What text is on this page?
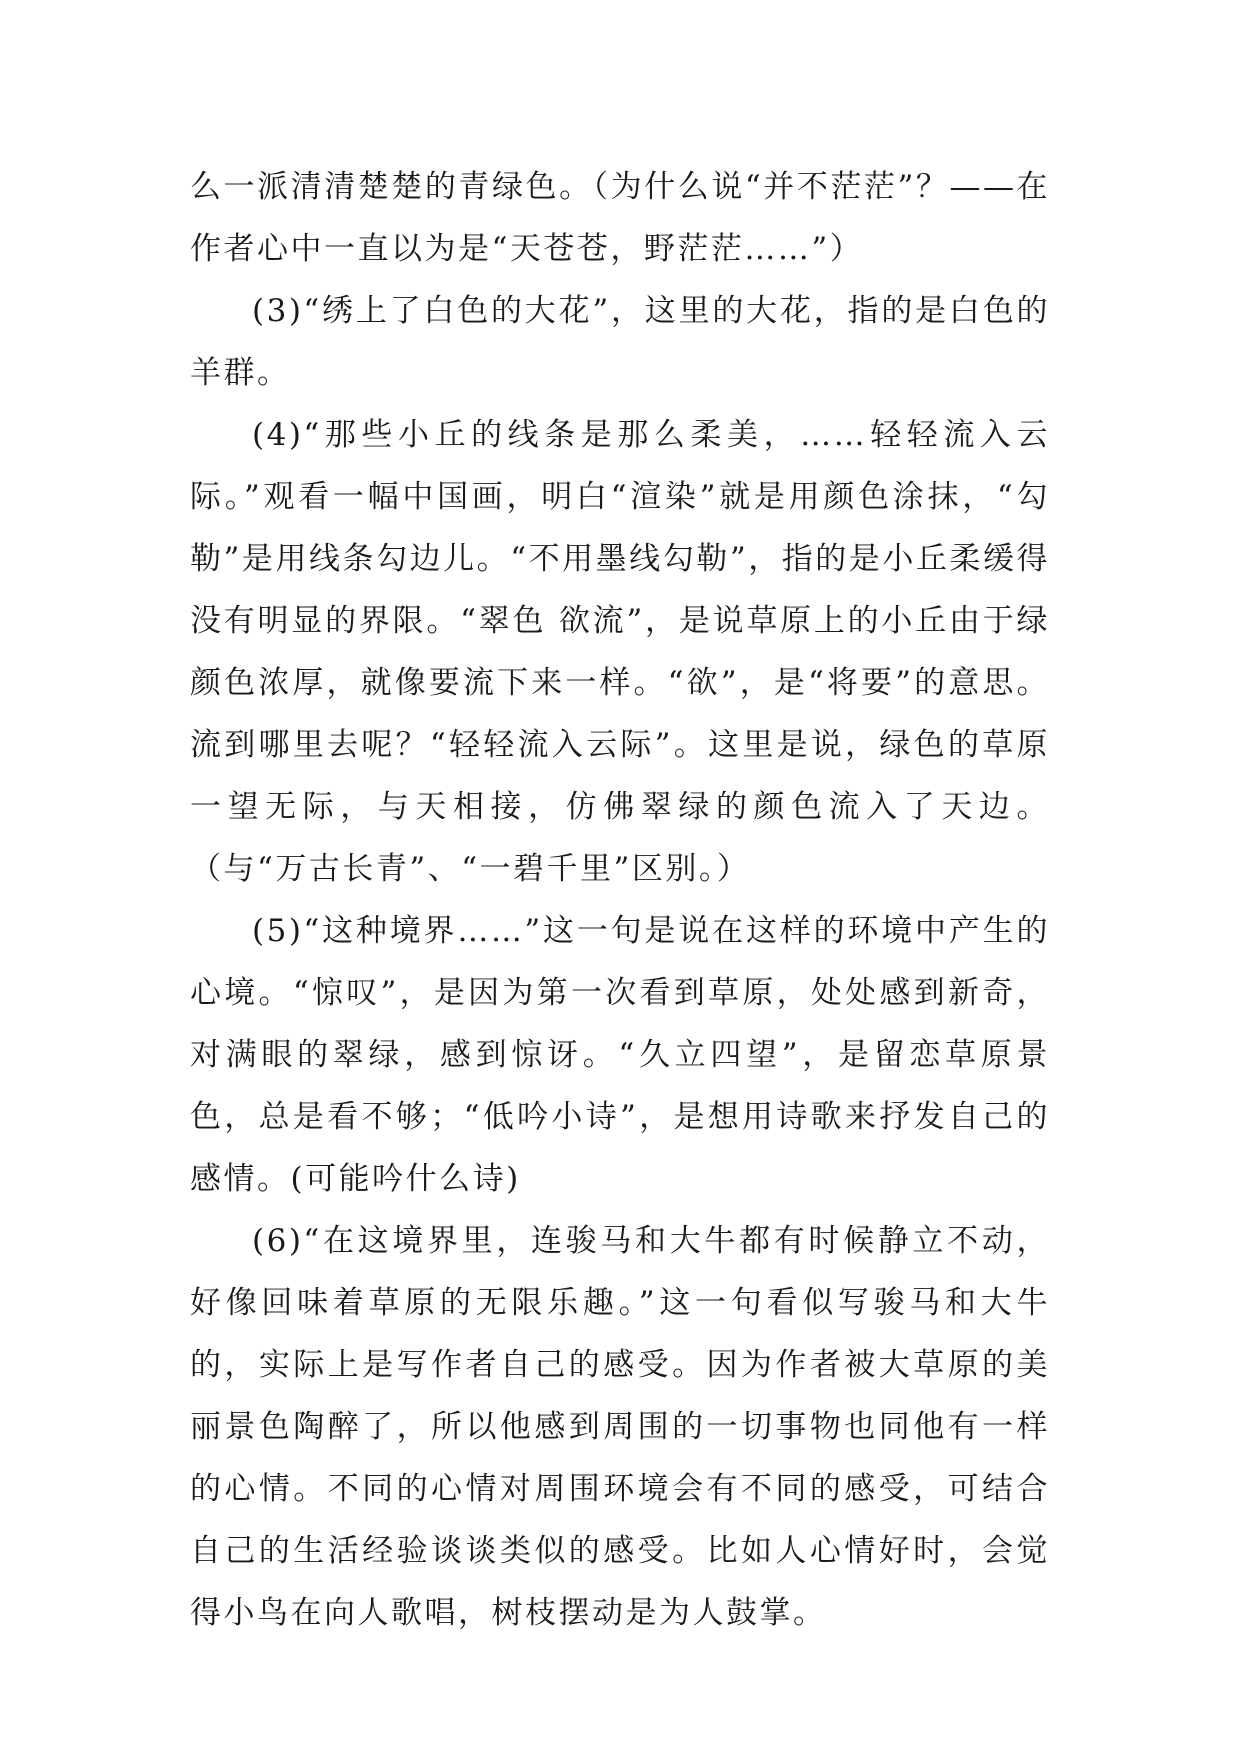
么一派清清楚楚的青绿色。（为什么说“并不茫茫”？——在作者心中一直以为是“天苍苍，野茫茫……”）

(3)“绣上了白色的大花”，这里的大花，指的是白色的羊群。

(4)“那些小丘的线条是那么柔美，……轻轻流入云际。”观看一幅中国画，明白“渲染”就是用颜色涂抹，“勾勒”是用线条勾边儿。“不用墨线勾勒”，指的是小丘柔缓得没有明显的界限。“翠色 欲流”，是说草原上的小丘由于绿颜色浓厚，就像要流下来一样。“欲”，是“将要”的意思。流到哪里去呢？“轻轻流入云际”。这里是说，绿色的草原一望无际，与天相接，仿佛翠绿的颜色流入了天边。（与“万古长青”、“一碧千里”区别。）

(5)“这种境界……”这一句是说在这样的环境中产生的心境。“惊叹”，是因为第一次看到草原，处处感到新奇，对满眼的翠绿，感到惊讶。“久立四望”，是留恋草原景色，总是看不够；“低吟小诗”，是想用诗歌来抒发自己的感情。(可能吟什么诗)

(6)“在这境界里，连骏马和大牛都有时候静立不动，好像回味着草原的无限乐趣。”这一句看似写骏马和大牛的，实际上是写作者自己的感受。因为作者被大草原的美丽景色陶醉了，所以他感到周围的一切事物也同他有一样的心情。不同的心情对周围环境会有不同的感受，可结合自己的生活经验谈谈类似的感受。比如人心情好时，会觉得小鸟在向人歌唱，树枝摆动是为人鼓掌。
